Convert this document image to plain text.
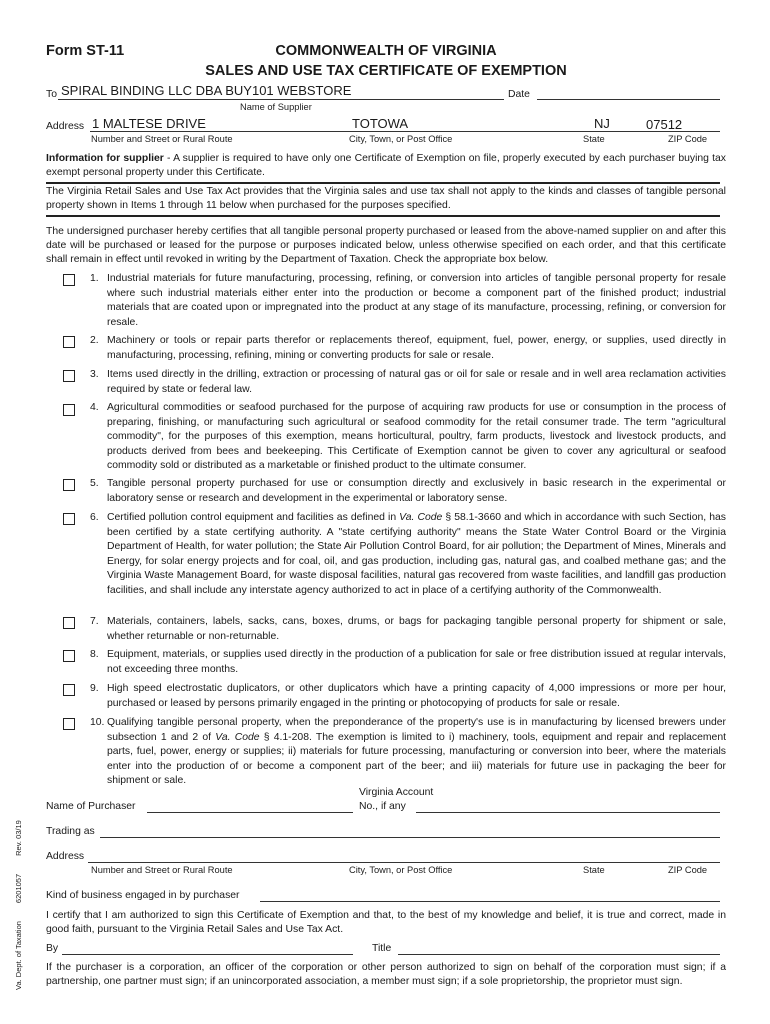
Form ST-11	COMMONWEALTH OF VIRGINIA
SALES AND USE TAX CERTIFICATE OF EXEMPTION
To SPIRAL BINDING LLC DBA BUY101 WEBSTORE	Date
Name of Supplier
Address 1 MALTESE DRIVE	TOTOWA	NJ	07512
Number and Street or Rural Route	City, Town, or Post Office	State	ZIP Code
Information for supplier - A supplier is required to have only one Certificate of Exemption on file, properly executed by each purchaser buying tax exempt personal property under this Certificate.
The Virginia Retail Sales and Use Tax Act provides that the Virginia sales and use tax shall not apply to the kinds and classes of tangible personal property shown in Items 1 through 11 below when purchased for the purposes specified.
The undersigned purchaser hereby certifies that all tangible personal property purchased or leased from the above-named supplier on and after this date will be purchased or leased for the purpose or purposes indicated below, unless otherwise specified on each order, and that this certificate shall remain in effect until revoked in writing by the Department of Taxation. Check the appropriate box below.
1. Industrial materials for future manufacturing, processing, refining, or conversion into articles of tangible personal property for resale where such industrial materials either enter into the production or become a component part of the finished product; industrial materials that are coated upon or impregnated into the product at any stage of its manufacture, processing, refining, or conversion for resale.
2. Machinery or tools or repair parts therefor or replacements thereof, equipment, fuel, power, energy, or supplies, used directly in manufacturing, processing, refining, mining or converting products for sale or resale.
3. Items used directly in the drilling, extraction or processing of natural gas or oil for sale or resale and in well area reclamation activities required by state or federal law.
4. Agricultural commodities or seafood purchased for the purpose of acquiring raw products for use or consumption in the process of preparing, finishing, or manufacturing such agricultural or seafood commodity for the retail consumer trade. The term "agricultural commodity", for the purposes of this exemption, means horticultural, poultry, farm products, livestock and livestock products, and products derived from bees and beekeeping. This Certificate of Exemption cannot be given to cover any agricultural or seafood commodity sold or distributed as a marketable or finished product to the ultimate consumer.
5. Tangible personal property purchased for use or consumption directly and exclusively in basic research in the experimental or laboratory sense or research and development in the experimental or laboratory sense.
6. Certified pollution control equipment and facilities as defined in Va. Code § 58.1-3660 and which in accordance with such Section, has been certified by a state certifying authority. A "state certifying authority" means the State Water Control Board or the Virginia Department of Health, for water pollution; the State Air Pollution Control Board, for air pollution; the Department of Mines, Minerals and Energy, for solar energy projects and for coal, oil, and gas production, including gas, natural gas, and coalbed methane gas; and the Virginia Waste Management Board, for waste disposal facilities, natural gas recovered from waste facilities, and landfill gas production facilities, and shall include any interstate agency authorized to act in place of a certifying authority of the Commonwealth.
7. Materials, containers, labels, sacks, cans, boxes, drums, or bags for packaging tangible personal property for shipment or sale, whether returnable or non-returnable.
8. Equipment, materials, or supplies used directly in the production of a publication for sale or free distribution issued at regular intervals, not exceeding three months.
9. High speed electrostatic duplicators, or other duplicators which have a printing capacity of 4,000 impressions or more per hour, purchased or leased by persons primarily engaged in the printing or photocopying of products for sale or resale.
10. Qualifying tangible personal property, when the preponderance of the property's use is in manufacturing by licensed brewers under subsection 1 and 2 of Va. Code § 4.1-208. The exemption is limited to i) machinery, tools, equipment and repair and replacement parts, fuel, power, energy or supplies; ii) materials for future processing, manufacturing or conversion into beer, where the materials enter into the production of or become a component part of the beer; and iii) materials for future use in packaging the beer for shipment or sale.
Name of Purchaser
Virginia Account
No., if any
Trading as
Address
Number and Street or Rural Route	City, Town, or Post Office	State	ZIP Code
Kind of business engaged in by purchaser
I certify that I am authorized to sign this Certificate of Exemption and that, to the best of my knowledge and belief, it is true and correct, made in good faith, pursuant to the Virginia Retail Sales and Use Tax Act.
By	Title
If the purchaser is a corporation, an officer of the corporation or other person authorized to sign on behalf of the corporation must sign; if a partnership, one partner must sign; if an unincorporated association, a member must sign; if a sole proprietorship, the proprietor must sign.
Va. Dept. of Taxation6201057Rev. 03/19
